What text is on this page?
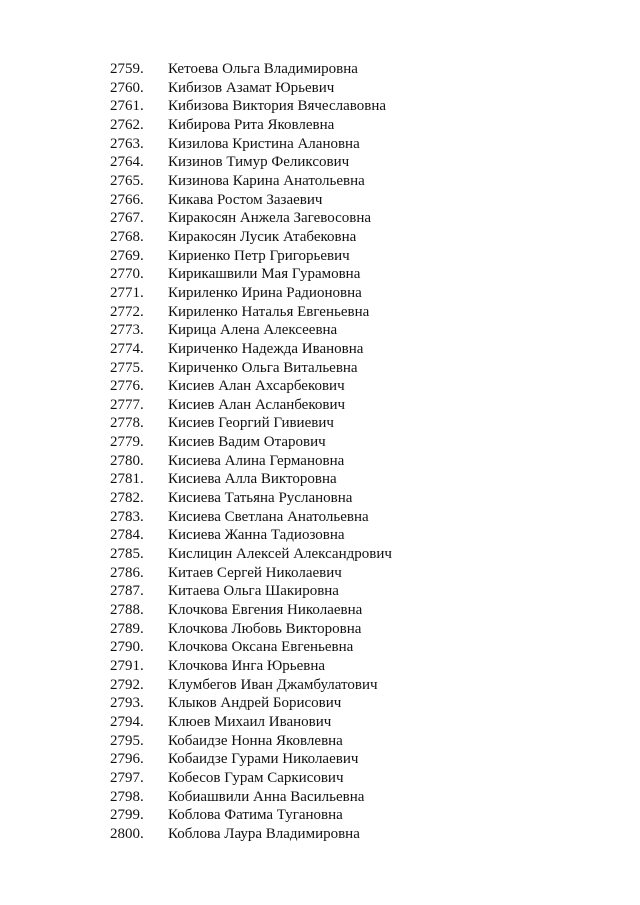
2759. Кетоева Ольга Владимировна
2760. Кибизов Азамат Юрьевич
2761. Кибизова Виктория Вячеславовна
2762. Кибирова Рита Яковлевна
2763. Кизилова Кристина Алановна
2764. Кизинов Тимур Феликсович
2765. Кизинова Карина Анатольевна
2766. Кикава Ростом Зазаевич
2767. Киракосян Анжела Загевосовна
2768. Киракосян Лусик Атабековна
2769. Кириенко Петр Григорьевич
2770. Кирикашвили Мая Гурамовна
2771. Кириленко Ирина Радионовна
2772. Кириленко Наталья Евгеньевна
2773. Кирица Алена Алексеевна
2774. Кириченко Надежда Ивановна
2775. Кириченко Ольга Витальевна
2776. Кисиев Алан Ахсарбекович
2777. Кисиев Алан Асланбекович
2778. Кисиев Георгий Гивиевич
2779. Кисиев Вадим Отарович
2780. Кисиева Алина Германовна
2781. Кисиева Алла Викторовна
2782. Кисиева Татьяна Руслановна
2783. Кисиева Светлана Анатольевна
2784. Кисиева Жанна Тадиозовна
2785. Кислицин Алексей Александрович
2786. Китаев Сергей Николаевич
2787. Китаева Ольга Шакировна
2788. Клочкова Евгения Николаевна
2789. Клочкова Любовь Викторовна
2790. Клочкова Оксана Евгеньевна
2791. Клочкова Инга Юрьевна
2792. Клумбегов Иван Джамбулатович
2793. Клыков Андрей Борисович
2794. Клюев Михаил Иванович
2795. Кобаидзе Нонна Яковлевна
2796. Кобаидзе Гурами Николаевич
2797. Кобесов Гурам Саркисович
2798. Кобиашвили Анна Васильевна
2799. Коблова Фатима Тугановна
2800. Коблова Лаура Владимировна
